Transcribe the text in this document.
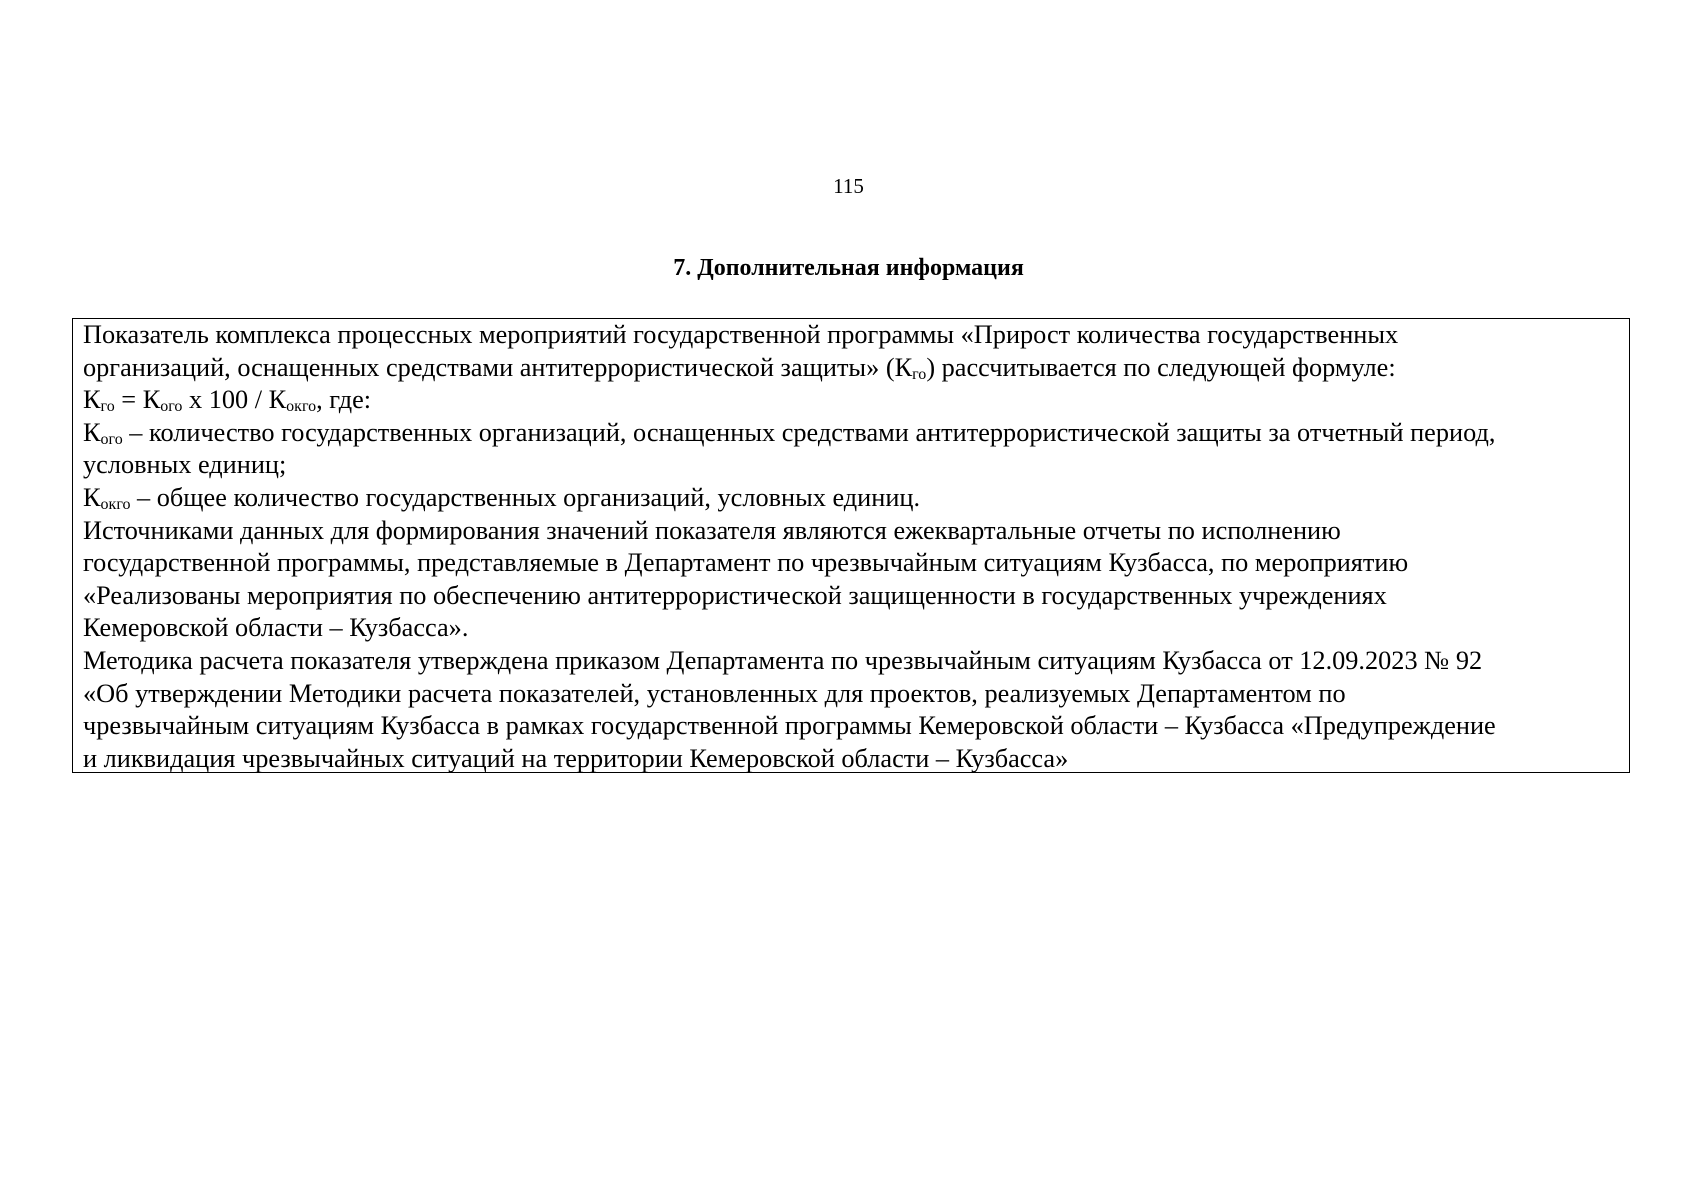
115
7. Дополнительная информация
Показатель комплекса процессных мероприятий государственной программы «Прирост количества государственных
организаций, оснащенных средствами антитеррористической защиты» $(К_{го})$ рассчитывается по следующей формуле:
$К_{го} = К_{ого}$ x $100 / К_{окго}$, где:
$К_{ого}$ – количество государственных организаций, оснащенных средствами антитеррористической защиты за отчетный период,
условных единиц;
$К_{окго}$ – общее количество государственных организаций, условных единиц.
Источниками данных для формирования значений показателя являются ежеквартальные отчеты по исполнению
государственной программы, представляемые в Департамент по чрезвычайным ситуациям Кузбасса, по мероприятию
«Реализованы мероприятия по обеспечению антитеррористической защищенности в государственных учреждениях
Кемеровской области – Кузбасса».
Методика расчета показателя утверждена приказом Департамента по чрезвычайным ситуациям Кузбасса от 12.09.2023 № 92
«Об утверждении Методики расчета показателей, установленных для проектов, реализуемых Департаментом по
чрезвычайным ситуациям Кузбасса в рамках государственной программы Кемеровской области – Кузбасса «Предупреждение
и ликвидация чрезвычайных ситуаций на территории Кемеровской области – Кузбасса»
